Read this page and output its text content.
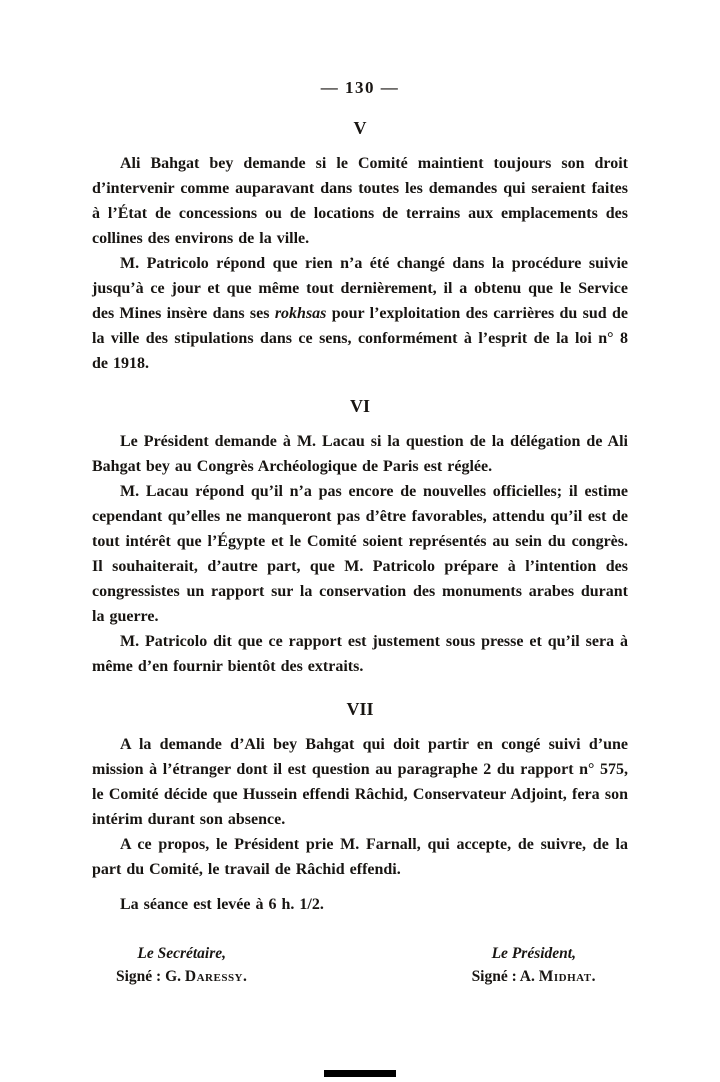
— 130 —
V

Ali Bahgat bey demande si le Comité maintient toujours son droit d’intervenir comme auparavant dans toutes les demandes qui seraient faites à l’État de concessions ou de locations de terrains aux emplacements des collines des environs de la ville.

M. Patricolo répond que rien n’a été changé dans la procédure suivie jusqu’à ce jour et que même tout dernièrement, il a obtenu que le Service des Mines insère dans ses rokhsas pour l’exploitation des carrières du sud de la ville des stipulations dans ce sens, conformément à l’esprit de la loi n° 8 de 1918.

VI

Le Président demande à M. Lacau si la question de la délégation de Ali Bahgat bey au Congrès Archéologique de Paris est réglée.

M. Lacau répond qu’il n’a pas encore de nouvelles officielles; il estime cependant qu’elles ne manqueront pas d’être favorables, attendu qu’il est de tout intérêt que l’Égypte et le Comité soient représentés au sein du congrès. Il souhaiterait, d’autre part, que M. Patricolo prépare à l’intention des congressistes un rapport sur la conservation des monuments arabes durant la guerre.

M. Patricolo dit que ce rapport est justement sous presse et qu’il sera à même d’en fournir bientôt des extraits.

VII

A la demande d’Ali bey Bahgat qui doit partir en congé suivi d’une mission à l’étranger dont il est question au paragraphe 2 du rapport n° 575, le Comité décide que Hussein effendi Râchid, Conservateur Adjoint, fera son intérim durant son absence.

A ce propos, le Président prie M. Farnall, qui accepte, de suivre, de la part du Comité, le travail de Râchid effendi.

La séance est levée à 6 h. 1/2.

Le Secrétaire,
Signé : G. Daressy.
Le Président,
Signé : A. Midhat.
